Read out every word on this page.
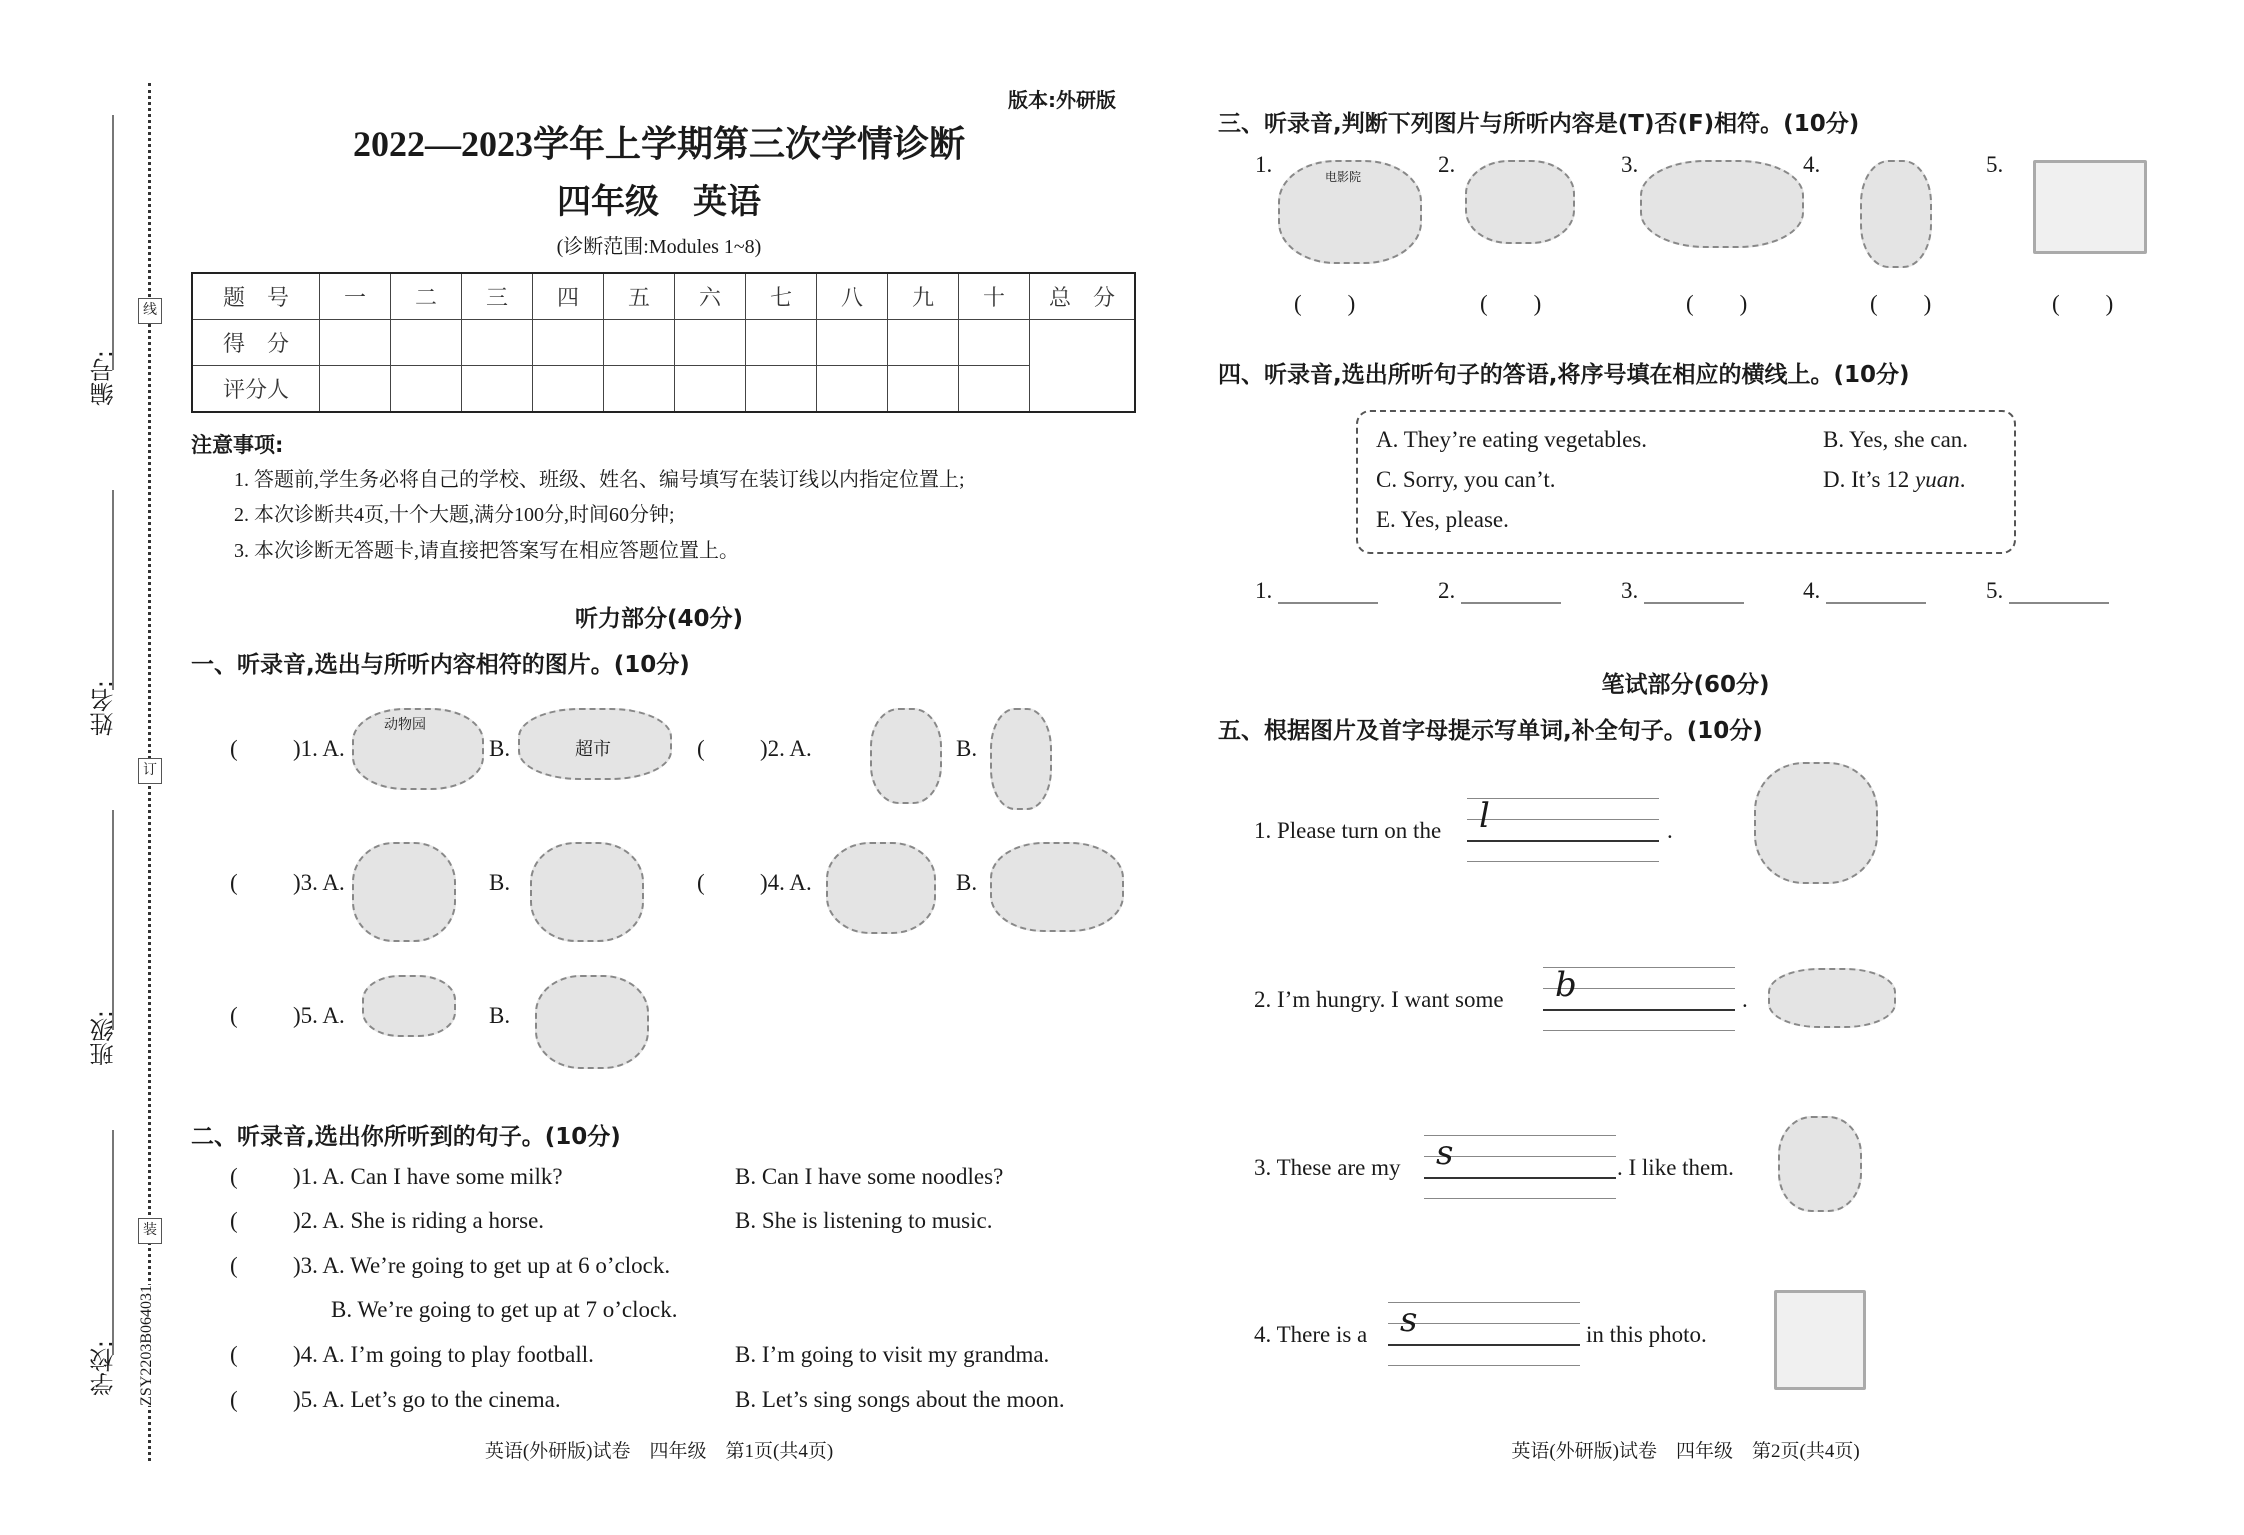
编号:
姓名:
班级:
学校:
线
订
装
ZSY2203B064031
版本:外研版
2022—2023学年上学期第三次学情诊断
四年级　英语
(诊断范围:Modules 1~8)
题　号	一	二	三	四	五	六	七	八	九	十	总　分
得　分											
评分人											
注意事项:
1. 答题前,学生务必将自己的学校、班级、姓名、编号填写在装订线以内指定位置上;
2. 本次诊断共4页,十个大题,满分100分,时间60分钟;
3. 本次诊断无答题卡,请直接把答案写在相应答题位置上。
听力部分(40分)
一、听录音,选出与所听内容相符的图片。(10分)
( )1. A.	B.
动物园
超市	( )2. A.	B.
( )3. A.	B.	( )4. A.	B.
( )5. A.	B.
二、听录音,选出你所听到的句子。(10分)
( )1. A. Can I have some milk?	B. Can I have some noodles?
( )2. A. She is riding a horse.	B. She is listening to music.
( )3. A. We’re going to get up at 6 o’clock.
B. We’re going to get up at 7 o’clock.
( )4. A. I’m going to play football.	B. I’m going to visit my grandma.
( )5. A. Let’s go to the cinema.	B. Let’s sing songs about the moon.
英语(外研版)试卷　四年级　第1页(共4页)
三、听录音,判断下列图片与所听内容是(T)否(F)相符。(10分)
1.	电影院
(　　)
2.
(　　)
3.
(　　)
4.
(　　)
5.
(　　)
四、听录音,选出所听句子的答语,将序号填在相应的横线上。(10分)
A. They’re eating vegetables.	B. Yes, she can.
C. Sorry, you can’t.	D. It’s 12 yuan.
E. Yes, please.
1.	2.	3.	4.	5.
笔试部分(60分)
五、根据图片及首字母提示写单词,补全句子。(10分)
1. Please turn on the l	.
2. I’m hungry. I want some b	.
3. These are my s	. I like them.
4. There is a s	in this photo.
英语(外研版)试卷　四年级　第2页(共4页)
